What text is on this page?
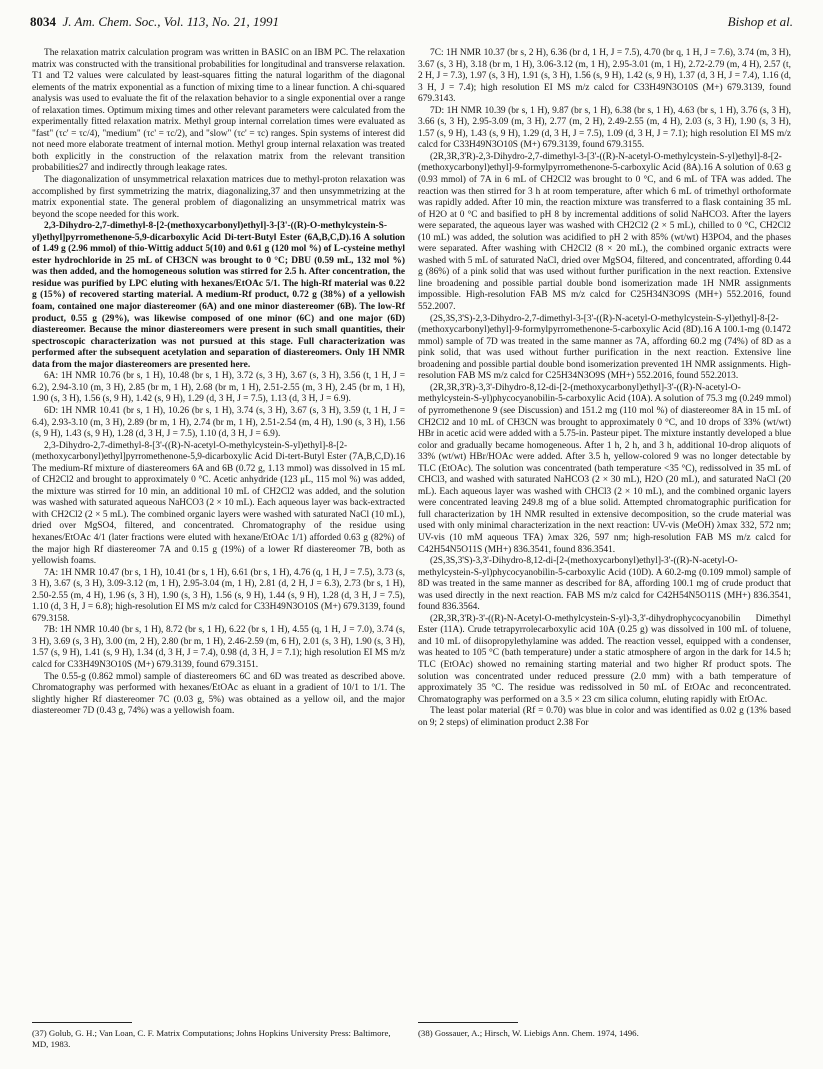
8034 J. Am. Chem. Soc., Vol. 113, No. 21, 1991	Bishop et al.

The relaxation matrix calculation program was written in BASIC on an IBM PC. The relaxation matrix was constructed with the transitional probabilities for longitudinal and transverse relaxation. T1 and T2 values were calculated by least-squares fitting the natural logarithm of the diagonal elements of the matrix exponential as a function of mixing time to a linear function. A chi-squared analysis was used to evaluate the fit of the relaxation behavior to a single exponential over a range of relaxation times. Optimum mixing times and other relevant parameters were calculated from the experimentally fitted relaxation matrix. Methyl group internal correlation times were evaluated as "fast" (τc' = τc/4), "medium" (τc' = τc/2), and "slow" (τc' = τc) ranges. Spin systems of interest did not need more elaborate treatment of internal motion. Methyl group internal relaxation was treated both explicitly in the construction of the relaxation matrix from the relevant transition probabilities27 and indirectly through leakage rates.

The diagonalization of unsymmetrical relaxation matrices due to methyl-proton relaxation was accomplished by first symmetrizing the matrix, diagonalizing,37 and then unsymmetrizing at the matrix exponential state. The general problem of diagonalizing an unsymmetrical matrix was beyond the scope needed for this work.

2,3-Dihydro-2,7-dimethyl-8-[2-(methoxycarbonyl)ethyl]-3-[3'-((R)-O-methylcystein-S-yl)ethyl]pyrromethenone-5,9-dicarboxylic Acid Di-tert-Butyl Ester (6A,B,C,D).16 A solution of 1.49 g (2.96 mmol) of thio-Wittig adduct 5(10) and 0.61 g (120 mol %) of L-cysteine methyl ester hydrochloride in 25 mL of CH3CN was brought to 0 °C; DBU (0.59 mL, 132 mol %) was then added, and the homogeneous solution was stirred for 2.5 h. After concentration, the residue was purified by LPC eluting with hexanes/EtOAc 5/1. The high-Rf material was 0.22 g (15%) of recovered starting material. A medium-Rf product, 0.72 g (38%) of a yellowish foam, contained one major diastereomer (6A) and one minor diastereomer (6B). The low-Rf product, 0.55 g (29%), was likewise composed of one minor (6C) and one major (6D) diastereomer. Because the minor diastereomers were present in such small quantities, their spectroscopic characterization was not pursued at this stage. Full characterization was performed after the subsequent acetylation and separation of diastereomers. Only 1H NMR data from the major diastereomers are presented here.

6A: 1H NMR 10.76 (br s, 1 H), 10.48 (br s, 1 H), 3.72 (s, 3 H), 3.67 (s, 3 H), 3.56 (t, 1 H, J = 6.2), 2.94-3.10 (m, 3 H), 2.85 (br m, 1 H), 2.68 (br m, 1 H), 2.51-2.55 (m, 3 H), 2.45 (br m, 1 H), 1.90 (s, 3 H), 1.56 (s, 9 H), 1.42 (s, 9 H), 1.29 (d, 3 H, J = 7.5), 1.13 (d, 3 H, J = 6.9).

6D: 1H NMR 10.41 (br s, 1 H), 10.26 (br s, 1 H), 3.74 (s, 3 H), 3.67 (s, 3 H), 3.59 (t, 1 H, J = 6.4), 2.93-3.10 (m, 3 H), 2.89 (br m, 1 H), 2.74 (br m, 1 H), 2.51-2.54 (m, 4 H), 1.90 (s, 3 H), 1.56 (s, 9 H), 1.43 (s, 9 H), 1.28 (d, 3 H, J = 7.5), 1.10 (d, 3 H, J = 6.9).

2,3-Dihydro-2,7-dimethyl-8-[3'-((R)-N-acetyl-O-methylcystein-S-yl)ethyl]-8-[2-(methoxycarbonyl)ethyl]pyrromethenone-5,9-dicarboxylic Acid Di-tert-Butyl Ester (7A,B,C,D).16 The medium-Rf mixture of diastereomers 6A and 6B (0.72 g, 1.13 mmol) was dissolved in 15 mL of CH2Cl2 and brought to approximately 0 °C. Acetic anhydride (123 μL, 115 mol %) was added, the mixture was stirred for 10 min, an additional 10 mL of CH2Cl2 was added, and the solution was washed with saturated aqueous NaHCO3 (2 × 10 mL). Each aqueous layer was back-extracted with CH2Cl2 (2 × 5 mL). The combined organic layers were washed with saturated NaCl (10 mL), dried over MgSO4, filtered, and concentrated. Chromatography of the residue using hexanes/EtOAc 4/1 (later fractions were eluted with hexane/EtOAc 1/1) afforded 0.63 g (82%) of the major high Rf diastereomer 7A and 0.15 g (19%) of a lower Rf diastereomer 7B, both as yellowish foams.

7A: 1H NMR 10.47 (br s, 1 H), 10.41 (br s, 1 H), 6.61 (br s, 1 H), 4.76 (q, 1 H, J = 7.5), 3.73 (s, 3 H), 3.67 (s, 3 H), 3.09-3.12 (m, 1 H), 2.95-3.04 (m, 1 H), 2.81 (d, 2 H, J = 6.3), 2.73 (br s, 1 H), 2.50-2.55 (m, 4 H), 1.96 (s, 3 H), 1.90 (s, 3 H), 1.56 (s, 9 H), 1.44 (s, 9 H), 1.28 (d, 3 H, J = 7.5), 1.10 (d, 3 H, J = 6.8); high-resolution EI MS m/z calcd for C33H49N3O10S (M+) 679.3139, found 679.3158.

7B: 1H NMR 10.40 (br s, 1 H), 8.72 (br s, 1 H), 6.22 (br s, 1 H), 4.55 (q, 1 H, J = 7.0), 3.74 (s, 3 H), 3.69 (s, 3 H), 3.00 (m, 2 H), 2.80 (br m, 1 H), 2.46-2.59 (m, 6 H), 2.01 (s, 3 H), 1.90 (s, 3 H), 1.57 (s, 9 H), 1.41 (s, 9 H), 1.34 (d, 3 H, J = 7.4), 0.98 (d, 3 H, J = 7.1); high resolution EI MS m/z calcd for C33H49N3O10S (M+) 679.3139, found 679.3151.

The 0.55-g (0.862 mmol) sample of diastereomers 6C and 6D was treated as described above. Chromatography was performed with hexanes/EtOAc as eluant in a gradient of 10/1 to 1/1. The slightly higher Rf diastereomer 7C (0.03 g, 5%) was obtained as a yellow oil, and the major diastereomer 7D (0.43 g, 74%) was a yellowish foam.

7C: 1H NMR 10.37 (br s, 2 H), 6.36 (br d, 1 H, J = 7.5), 4.70 (br q, 1 H, J = 7.6), 3.74 (m, 3 H), 3.67 (s, 3 H), 3.18 (br m, 1 H), 3.06-3.12 (m, 1 H), 2.95-3.01 (m, 1 H), 2.72-2.79 (m, 4 H), 2.57 (t, 2 H, J = 7.3), 1.97 (s, 3 H), 1.91 (s, 3 H), 1.56 (s, 9 H), 1.42 (s, 9 H), 1.37 (d, 3 H, J = 7.4), 1.16 (d, 3 H, J = 7.4); high resolution EI MS m/z calcd for C33H49N3O10S (M+) 679.3139, found 679.3143.

7D: 1H NMR 10.39 (br s, 1 H), 9.87 (br s, 1 H), 6.38 (br s, 1 H), 4.63 (br s, 1 H), 3.76 (s, 3 H), 3.66 (s, 3 H), 2.95-3.09 (m, 3 H), 2.77 (m, 2 H), 2.49-2.55 (m, 4 H), 2.03 (s, 3 H), 1.90 (s, 3 H), 1.57 (s, 9 H), 1.43 (s, 9 H), 1.29 (d, 3 H, J = 7.5), 1.09 (d, 3 H, J = 7.1); high resolution EI MS m/z calcd for C33H49N3O10S (M+) 679.3139, found 679.3155.

(2R,3R,3'R)-2,3-Dihydro-2,7-dimethyl-3-[3'-((R)-N-acetyl-O-methylcystein-S-yl)ethyl]-8-[2-(methoxycarbonyl)ethyl]-9-formylpyrromethenone-5-carboxylic Acid (8A).16 A solution of 0.63 g (0.93 mmol) of 7A in 6 mL of CH2Cl2 was brought to 0 °C, and 6 mL of TFA was added. The reaction was then stirred for 3 h at room temperature, after which 6 mL of trimethyl orthoformate was rapidly added. After 10 min, the reaction mixture was transferred to a flask containing 35 mL of H2O at 0 °C and basified to pH 8 by incremental additions of solid NaHCO3. After the layers were separated, the aqueous layer was washed with CH2Cl2 (2 × 5 mL), chilled to 0 °C, CH2Cl2 (10 mL) was added, the solution was acidified to pH 2 with 85% (wt/wt) H3PO4, and the phases were separated. After washing with CH2Cl2 (8 × 20 mL), the combined organic extracts were washed with 5 mL of saturated NaCl, dried over MgSO4, filtered, and concentrated, affording 0.44 g (86%) of a pink solid that was used without further purification in the next reaction. Extensive line broadening and possible partial double bond isomerization made 1H NMR assignments impossible. High-resolution FAB MS m/z calcd for C25H34N3O9S (MH+) 552.2016, found 552.2007.

(2S,3S,3'S)-2,3-Dihydro-2,7-dimethyl-3-[3'-((R)-N-acetyl-O-methylcystein-S-yl)ethyl]-8-[2-(methoxycarbonyl)ethyl]-9-formylpyrromethenone-5-carboxylic Acid (8D).16 A 100.1-mg (0.1472 mmol) sample of 7D was treated in the same manner as 7A, affording 60.2 mg (74%) of 8D as a pink solid, that was used without further purification in the next reaction. Extensive line broadening and possible partial double bond isomerization prevented 1H NMR assignments. High-resolution FAB MS m/z calcd for C25H34N3O9S (MH+) 552.2016, found 552.2013.

(2R,3R,3'R)-3,3'-Dihydro-8,12-di-[2-(methoxycarbonyl)ethyl]-3'-((R)-N-acetyl-O-methylcystein-S-yl)phycocyanobilin-5-carboxylic Acid (10A). A solution of 75.3 mg (0.249 mmol) of pyrromethenone 9 (see Discussion) and 151.2 mg (110 mol %) of diastereomer 8A in 15 mL of CH2Cl2 and 10 mL of CH3CN was brought to approximately 0 °C, and 10 drops of 33% (wt/wt) HBr in acetic acid were added with a 5.75-in. Pasteur pipet. The mixture instantly developed a blue color and gradually became homogeneous. After 1 h, 2 h, and 3 h, additional 10-drop aliquots of 33% (wt/wt) HBr/HOAc were added. After 3.5 h, yellow-colored 9 was no longer detectable by TLC (EtOAc). The solution was concentrated (bath temperature <35 °C), redissolved in 35 mL of CHCl3, and washed with saturated NaHCO3 (2 × 30 mL), H2O (20 mL), and saturated NaCl (20 mL). Each aqueous layer was washed with CHCl3 (2 × 10 mL), and the combined organic layers were concentrated leaving 249.8 mg of a blue solid. Attempted chromatographic purification for full characterization by 1H NMR resulted in extensive decomposition, so the crude material was used with only minimal characterization in the next reaction: UV-vis (MeOH) λmax 332, 572 nm; UV-vis (10 mM aqueous TFA) λmax 326, 597 nm; high-resolution FAB MS m/z calcd for C42H54N5O11S (MH+) 836.3541, found 836.3541.

(2S,3S,3'S)-3,3'-Dihydro-8,12-di-[2-(methoxycarbonyl)ethyl]-3'-((R)-N-acetyl-O-methylcystein-S-yl)phycocyanobilin-5-carboxylic Acid (10D). A 60.2-mg (0.109 mmol) sample of 8D was treated in the same manner as described for 8A, affording 100.1 mg of crude product that was used directly in the next reaction. FAB MS m/z calcd for C42H54N5O11S (MH+) 836.3541, found 836.3564.

(2R,3R,3'R)-3'-((R)-N-Acetyl-O-methylcystein-S-yl)-3,3'-dihydrophycocyanobilin Dimethyl Ester (11A). Crude tetrapyrrolecarboxylic acid 10A (0.25 g) was dissolved in 100 mL of toluene, and 10 mL of diisopropylethylamine was added. The reaction vessel, equipped with a condenser, was heated to 105 °C (bath temperature) under a static atmosphere of argon in the dark for 14.5 h; TLC (EtOAc) showed no remaining starting material and two higher Rf product spots. The solution was concentrated under reduced pressure (2.0 mm) with a bath temperature of approximately 35 °C. The residue was redissolved in 50 mL of EtOAc and reconcentrated. Chromatography was performed on a 3.5 × 23 cm silica column, eluting rapidly with EtOAc.

The least polar material (Rf = 0.70) was blue in color and was identified as 0.02 g (13% based on 9; 2 steps) of elimination product 2.38 For

(37) Golub, G. H.; Van Loan, C. F. Matrix Computations; Johns Hopkins University Press: Baltimore, MD, 1983.
(38) Gossauer, A.; Hirsch, W. Liebigs Ann. Chem. 1974, 1496.
